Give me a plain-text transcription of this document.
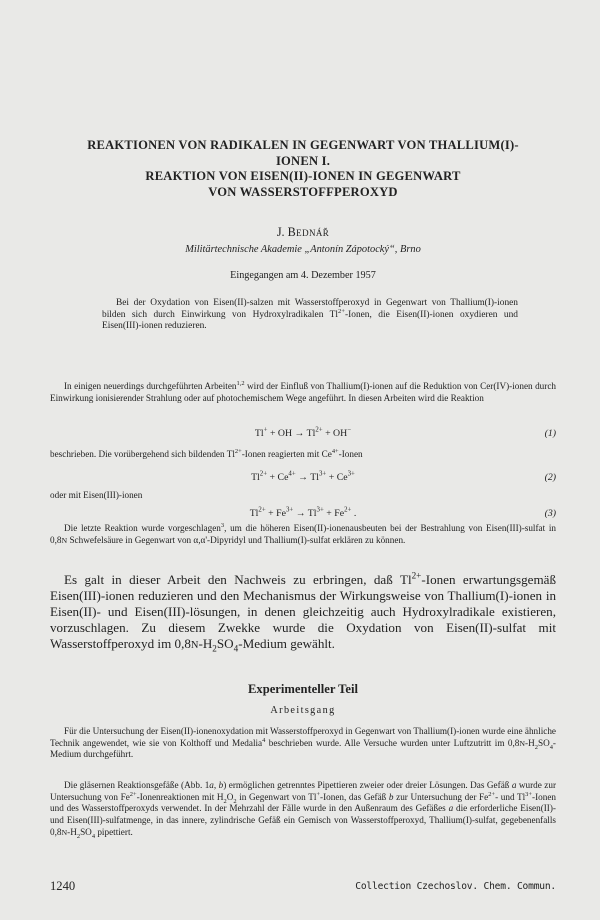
REAKTIONEN VON RADIKALEN IN GEGENWART VON THALLIUM(I)-
IONEN I.
REAKTION VON EISEN(II)-IONEN IN GEGENWART
VON WASSERSTOFFPEROXYD
J. Bednář
Militärtechnische Akademie „Antonín Zápotocký“, Brno
Eingegangen am 4. Dezember 1957
Bei der Oxydation von Eisen(II)-salzen mit Wasserstoffperoxyd in Gegenwart von Thallium(I)-ionen bilden sich durch Einwirkung von Hydroxylradikalen $Tl^{2+}$-Ionen, die Eisen(II)-ionen oxydieren und Eisen(III)-ionen reduzieren.
In einigen neuerdings durchgeführten Arbeiten$^{1,2}$ wird der Einfluß von Thallium(I)-ionen auf die Reduktion von Cer(IV)-ionen durch Einwirkung ionisierender Strahlung oder auf photochemischem Wege angeführt. In diesen Arbeiten wird die Reaktion
Tl+ + OH → $Tl^{2+} + OH^-$	(1)
beschrieben. Die vorübergehend sich bildenden $Tl^{2+}$-Ionen reagierten mit $Ce^{4+}$-Ionen
$Tl^{2+} + Ce^{4+} \to Tl^{3+} + Ce^{3+}$	(2)
oder mit Eisen(III)-ionen
$Tl^{2+} + Fe^{3+} \to Tl^{3+} + Fe^{2+}$ .	(3)
Die letzte Reaktion wurde vorgeschlagen$^3$, um die höheren Eisen(II)-ionenausbeuten bei der Bestrahlung von Eisen(III)-sulfat in 0,8N Schwefelsäure in Gegenwart von α,α'-Dipyridyl und Thallium(I)-sulfat erklären zu können.
Es galt in dieser Arbeit den Nachweis zu erbringen, daß $Tl^{2+}$-Ionen erwartungsgemäß Eisen(III)-ionen reduzieren und den Mechanismus der Wirkungsweise von Thallium(I)-ionen in Eisen(II)- und Eisen(III)-lösungen, in denen gleichzeitig auch Hydroxylradikale existieren, vorzuschlagen. Zu diesem Zwekke wurde die Oxydation von Eisen(II)-sulfat mit Wasserstoffperoxyd im $0,8N-H_2SO_4$-Medium gewählt.
Experimenteller Teil
Arbeitsgang
Für die Untersuchung der Eisen(II)-ionenoxydation mit Wasserstoffperoxyd in Gegenwart von Thallium(I)-ionen wurde eine ähnliche Technik angewendet, wie sie von Kolthoff und Medalia$^4$ beschrieben wurde. Alle Versuche wurden unter Luftzutritt im $0,8N-H_2SO_4$-Medium durchgeführt.
Die gläsernen Reaktionsgefäße (Abb. 1a, b) ermöglichen getrenntes Pipettieren zweier oder dreier Lösungen. Das Gefäß a wurde zur Untersuchung von $Fe^{2+}$-Ionenreaktionen mit $H_2O_2$ in Gegenwart von Tl+-Ionen, das Gefäß b zur Untersuchung der $Fe^{2+}-$ und $Tl^{3+}$-Ionen und des Wasserstoffperoxyds verwendet. In der Mehrzahl der Fälle wurde in den Außenraum des Gefäßes a die erforderliche Eisen(II)- und Eisen(III)-sulfatmenge, in das innere, zylindrische Gefäß ein Gemisch von Wasserstoffperoxyd, Thallium(I)-sulfat, gegebenenfalls $0,8N-H_2SO_4$ pipettiert.
1240	Collection Czechoslov. Chem. Commun.
